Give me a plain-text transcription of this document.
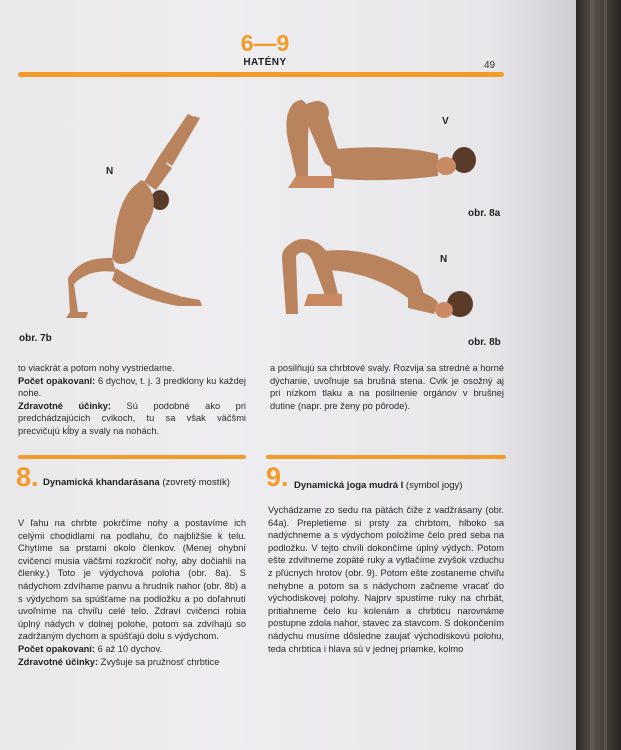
6—9
HATÉNY	49
N
obr. 7b
V
obr. 8a
N
obr. 8b

to viackrát a potom nohy vystriedame.

Počet opakovaní: 6 dychov, t. j. 3 predklony ku každej nohe.

Zdravotné účinky: Sú podobné ako pri predchádzajúcich cvikoch, tu sa však väčšmi precvičujú kĺby a svaly na nohách.

a posilňujú sa chrbtové svaly. Rozvija sa stredné a horné dýchanie, uvoľnuje sa brušná stena. Cvik je osožný aj pri nízkom tlaku a na posilnenie orgánov v brušnej dutine (napr. pre ženy po pôrode).

8. Dynamická khandarásana (zovretý mostík)

V ľahu na chrbte pokrčíme nohy a postavíme ich celými chodidlami na podlahu, čo najbližšie k telu. Chytíme sa prstami okolo členkov. (Menej ohybní cvičenci musia väčšmi rozkročiť nohy, aby dočiahli na členky.) Toto je výdychová poloha (obr. 8a). S nádychom zdvíhame panvu a hrudník nahor (obr. 8b) a s výdychom sa spúšťame na podložku a po doľahnutí uvoľníme na chviľu celé telo. Zdraví cvičenci robia úplný nádych v dolnej polohe, potom sa zdvíhajú so zadržaným dychom a spúšťajú dolu s výdychom.

Počet opakovaní: 6 až 10 dychov.

Zdravotné účinky: Zvyšuje sa pružnosť chrbtice

9. Dynamická joga mudrá I (symbol jogy)

Vychádzame zo sedu na pätách čiže z vadžrásany (obr. 64a). Prepletieme si prsty za chrbtom, hlboko sa nadýchneme a s výdychom položíme čelo pred seba na podložku. V tejto chvíli dokončíme úplný výdych. Potom ešte zdvihneme zopäté ruky a vytlačíme zvyšok vzduchu z pľúcnych hrotov (obr. 9). Potom ešte zostaneme chviľu nehybne a potom sa s nádychom začneme vracať do východiskovej polohy. Najprv spustíme ruky na chrbát, pritiahneme čelo ku kolenám a chrbticu narovnáme postupne zdola nahor, stavec za stavcom. S dokončením nádychu musíme dôsledne zaujať východiskovú polohu, teda chrbtica i hlava sú v jednej priamke, kolmo
